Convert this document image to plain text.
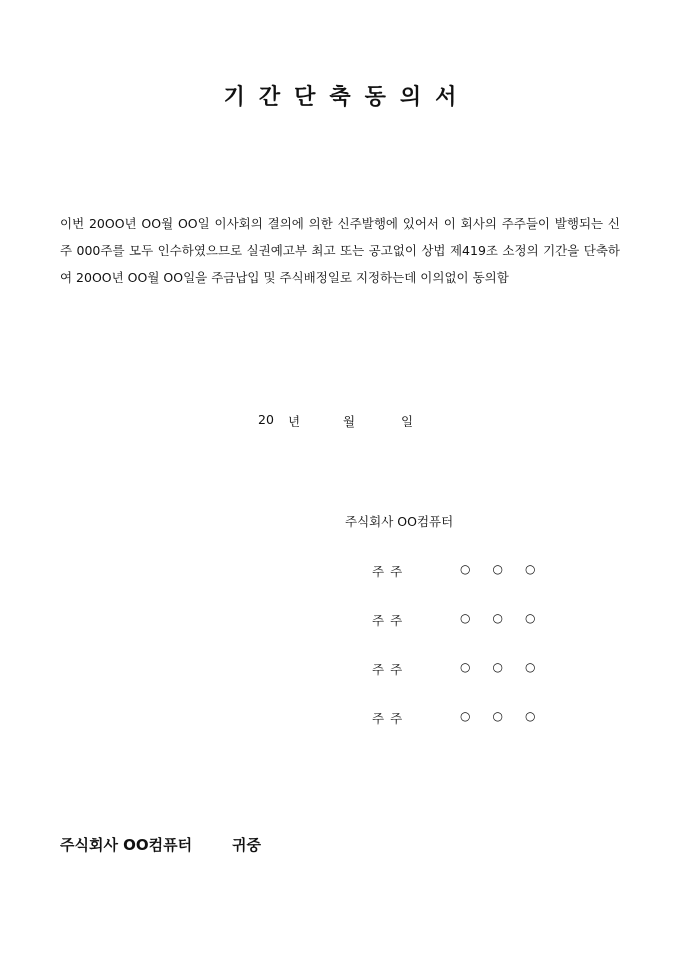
기간단축동의서

이번 20OO년 OO월 OO일 이사회의 결의에 의한 신주발행에 있어서 이 회사의 주주들이 발행되는 신주 000주를 모두 인수하였으므로 실권예고부 최고 또는 공고없이 상법 제419조 소정의 기간을 단축하여 20OO년 OO월 OO일을 주금납입 및 주식배정일로 지정하는데 이의없이 동의함

20	년	월	일
주식회사 OO컴퓨터
주주	○○○
주주	○○○
주주	○○○
주주	○○○
주식회사 OO컴퓨터	귀중
